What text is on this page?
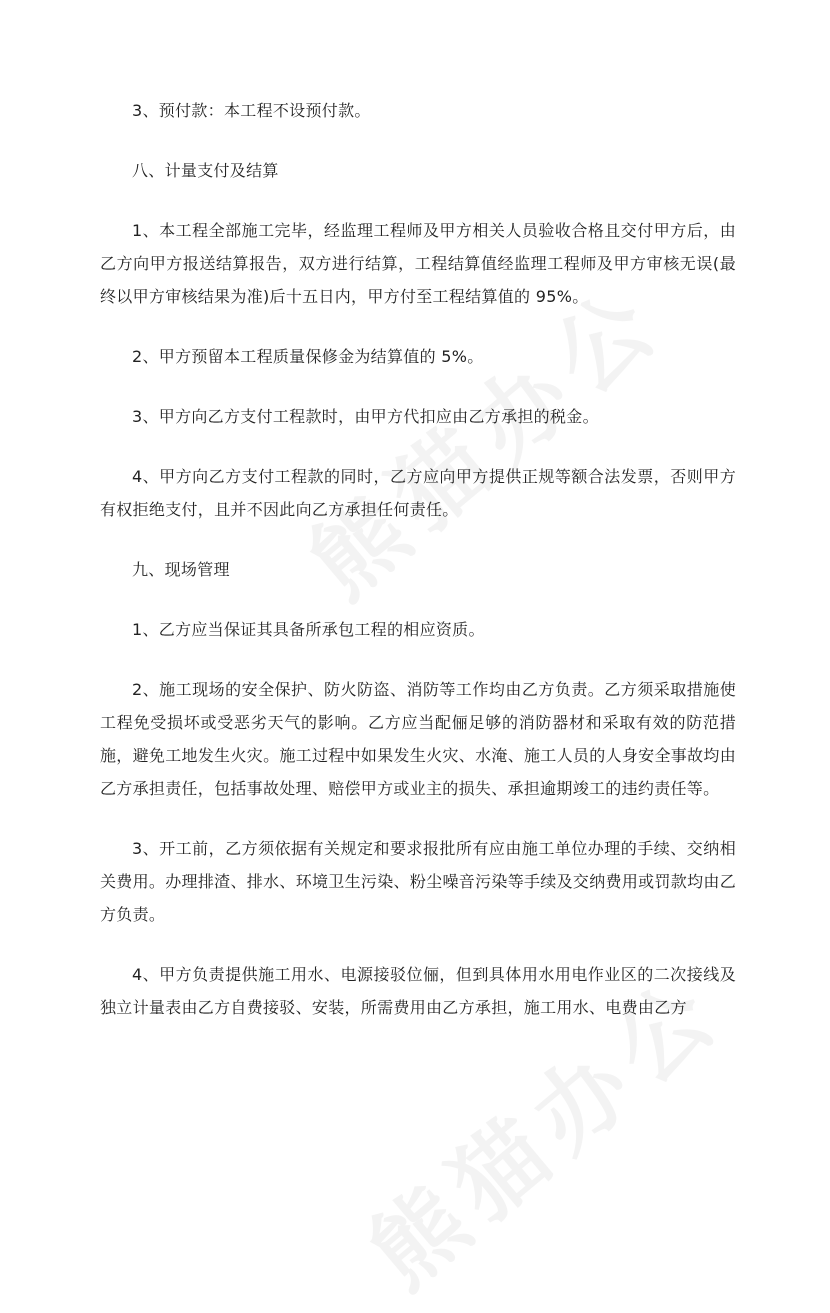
3、预付款：本工程不设预付款。

八、计量支付及结算

1、本工程全部施工完毕，经监理工程师及甲方相关人员验收合格且交付甲方后，由乙方向甲方报送结算报告，双方进行结算，工程结算值经监理工程师及甲方审核无误(最终以甲方审核结果为准)后十五日内，甲方付至工程结算值的 95%。

2、甲方预留本工程质量保修金为结算值的 5%。

3、甲方向乙方支付工程款时，由甲方代扣应由乙方承担的税金。

4、甲方向乙方支付工程款的同时，乙方应向甲方提供正规等额合法发票，否则甲方有权拒绝支付，且并不因此向乙方承担任何责任。

九、现场管理

1、乙方应当保证其具备所承包工程的相应资质。

2、施工现场的安全保护、防火防盗、消防等工作均由乙方负责。乙方须采取措施使工程免受损坏或受恶劣天气的影响。乙方应当配俪足够的消防器材和采取有效的防范措施，避免工地发生火灾。施工过程中如果发生火灾、水淹、施工人员的人身安全事故均由乙方承担责任，包括事故处理、赔偿甲方或业主的损失、承担逾期竣工的违约责任等。

3、开工前，乙方须依据有关规定和要求报批所有应由施工单位办理的手续、交纳相关费用。办理排渣、排水、环境卫生污染、粉尘噪音污染等手续及交纳费用或罚款均由乙方负责。

4、甲方负责提供施工用水、电源接驳位俪，但到具体用水用电作业区的二次接线及独立计量表由乙方自费接驳、安装，所需费用由乙方承担，施工用水、电费由乙方
